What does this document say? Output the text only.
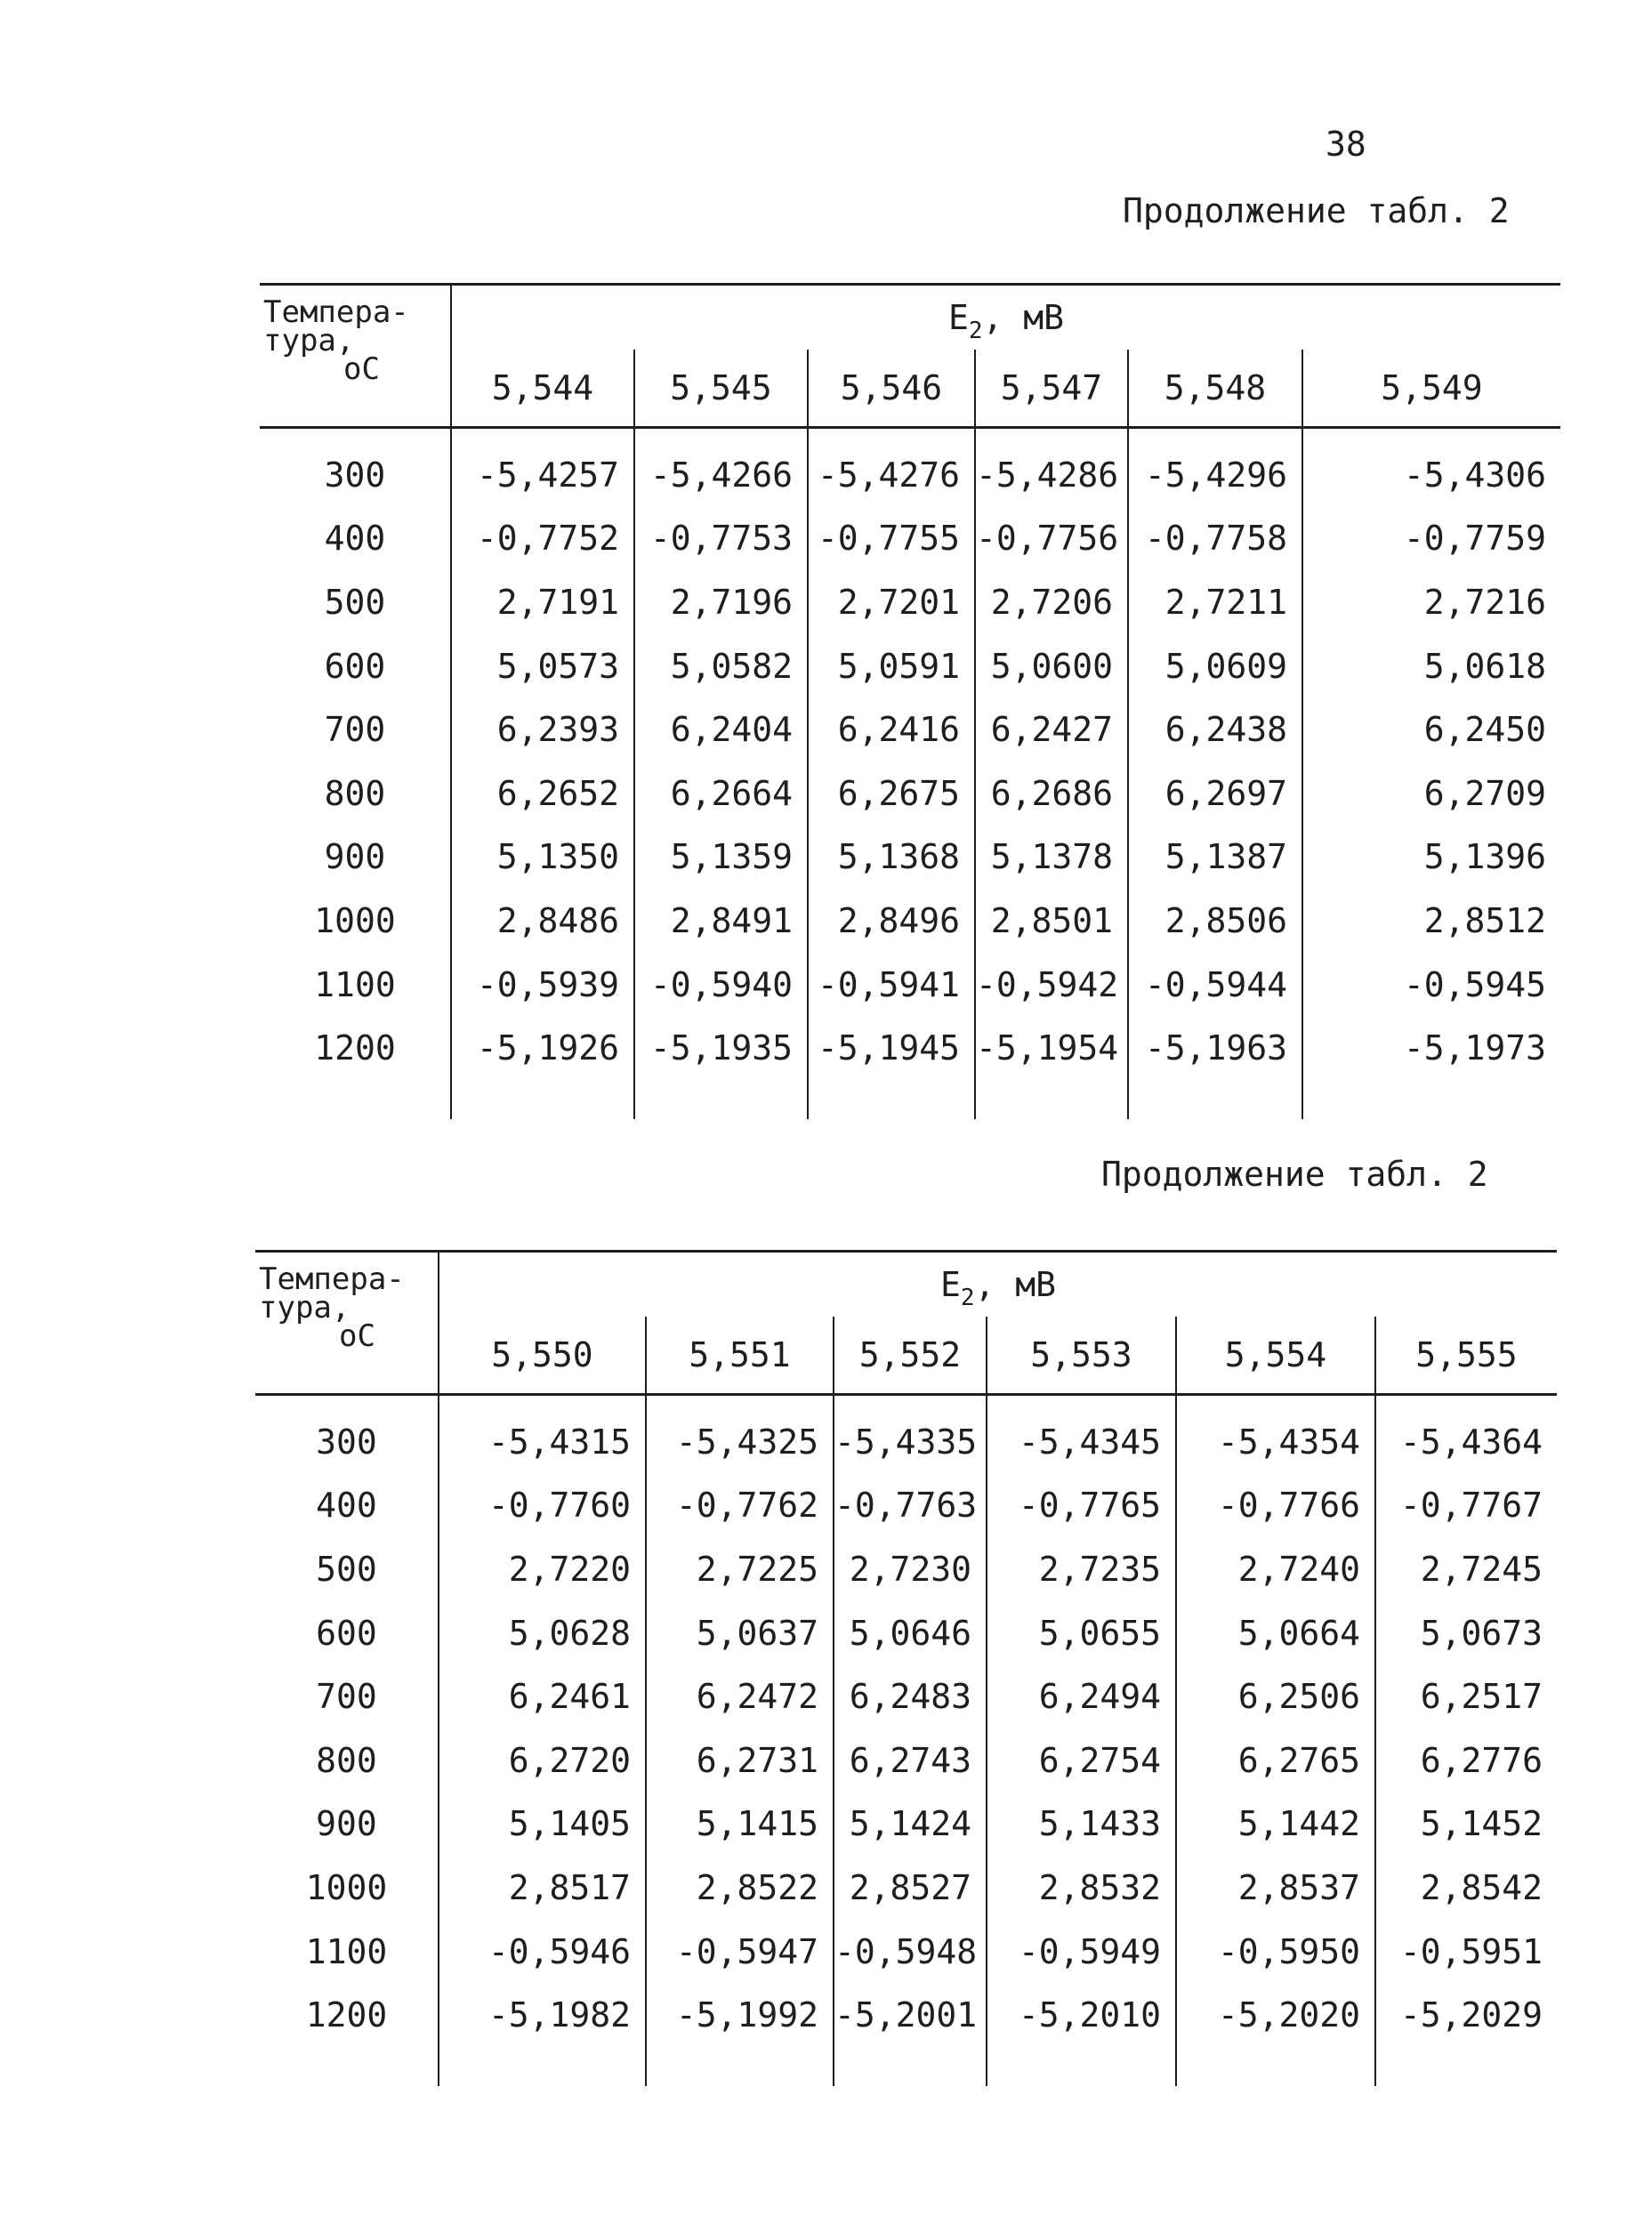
38
Продолжение табл. 2
Продолжение табл. 2
Темпера-
тура,
oC	$E_2$, мВ					
	5,544	5,545	5,546	5,547	5,548	5,549
300	-5,4257	-5,4266	-5,4276	-5,4286	-5,4296	-5,4306
400	-0,7752	-0,7753	-0,7755	-0,7756	-0,7758	-0,7759
500	2,7191	2,7196	2,7201	2,7206	2,7211	2,7216
600	5,0573	5,0582	5,0591	5,0600	5,0609	5,0618
700	6,2393	6,2404	6,2416	6,2427	6,2438	6,2450
800	6,2652	6,2664	6,2675	6,2686	6,2697	6,2709
900	5,1350	5,1359	5,1368	5,1378	5,1387	5,1396
1000	2,8486	2,8491	2,8496	2,8501	2,8506	2,8512
1100	-0,5939	-0,5940	-0,5941	-0,5942	-0,5944	-0,5945
1200	-5,1926	-5,1935	-5,1945	-5,1954	-5,1963	-5,1973

Темпера-
тура,
oC	$E_2$, мВ					
	5,550	5,551	5,552	5,553	5,554	5,555
300	-5,4315	-5,4325	-5,4335	-5,4345	-5,4354	-5,4364
400	-0,7760	-0,7762	-0,7763	-0,7765	-0,7766	-0,7767
500	2,7220	2,7225	2,7230	2,7235	2,7240	2,7245
600	5,0628	5,0637	5,0646	5,0655	5,0664	5,0673
700	6,2461	6,2472	6,2483	6,2494	6,2506	6,2517
800	6,2720	6,2731	6,2743	6,2754	6,2765	6,2776
900	5,1405	5,1415	5,1424	5,1433	5,1442	5,1452
1000	2,8517	2,8522	2,8527	2,8532	2,8537	2,8542
1100	-0,5946	-0,5947	-0,5948	-0,5949	-0,5950	-0,5951
1200	-5,1982	-5,1992	-5,2001	-5,2010	-5,2020	-5,2029
